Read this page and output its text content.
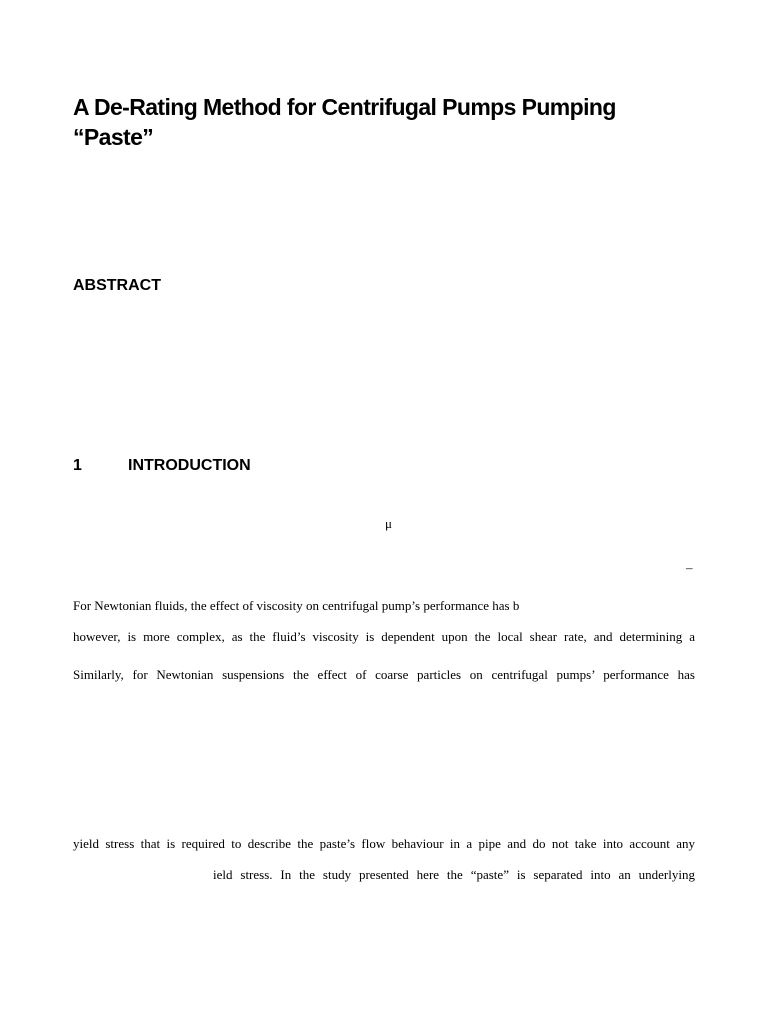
A De-Rating Method for Centrifugal Pumps Pumping
“Paste”
ABSTRACT
1	INTRODUCTION
μ
–

For Newtonian fluids, the effect of viscosity on centrifugal pump’s performance has b

however, is more complex, as the fluid’s viscosity is dependent upon the local shear rate, and determining a

Similarly, for Newtonian suspensions the effect of coarse particles on centrifugal pumps’ performance has

yield stress that is required to describe the paste’s flow behaviour in a pipe and do not take into account any

ield stress. In the study presented here the “paste” is separated into an underlying
